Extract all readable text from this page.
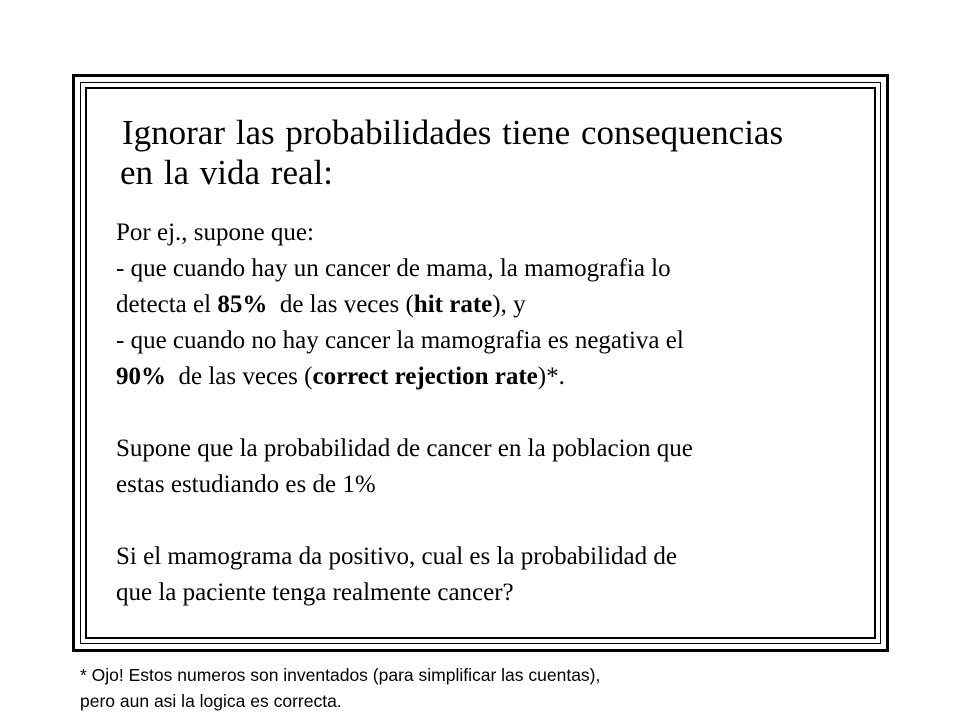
Ignorar las probabilidades tiene consequencias
en la vida real:

Por ej., supone que:

- que cuando hay un cancer de mama, la mamografia lo

detecta el 85%  de las veces (hit rate), y

- que cuando no hay cancer la mamografia es negativa el

90%  de las veces (correct rejection rate)*.

Supone que la probabilidad de cancer en la poblacion que

estas estudiando es de 1%

Si el mamograma da positivo, cual es la probabilidad de

que la paciente tenga realmente cancer?

* Ojo! Estos numeros son inventados (para simplificar las cuentas),

pero aun asi la logica es correcta.
